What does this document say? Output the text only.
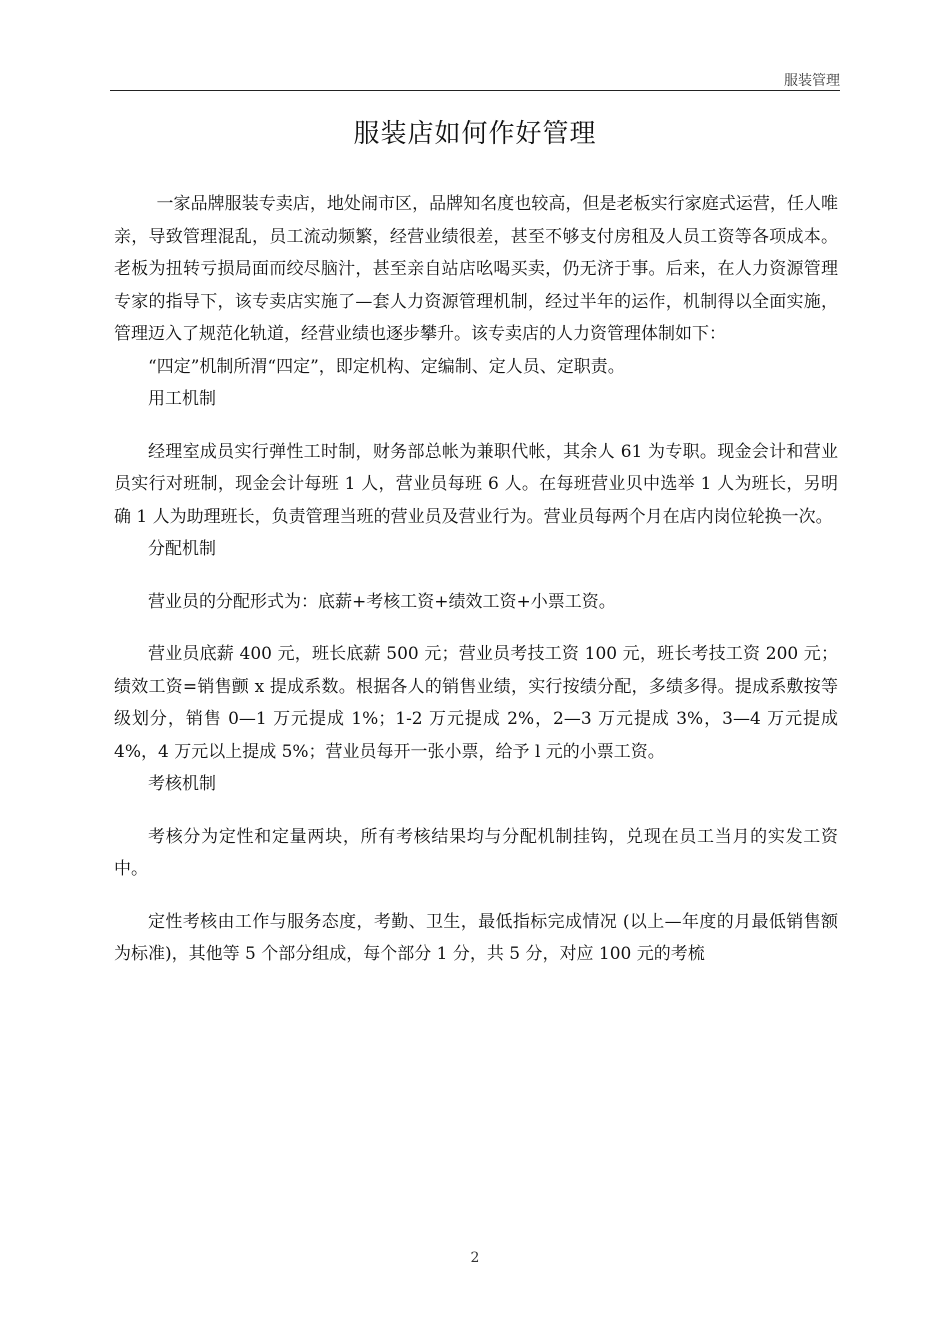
服装管理
服装店如何作好管理

一家品牌服装专卖店，地处闹市区，品牌知名度也较高，但是老板实行家庭式运营，任人唯亲，导致管理混乱，员工流动频繁，经营业绩很差，甚至不够支付房租及人员工资等各项成本。老板为扭转亏损局面而绞尽脑汁，甚至亲自站店吆喝买卖，仍无济于事。后来，在人力资源管理专家的指导下，该专卖店实施了—套人力资源管理机制，经过半年的运作，机制得以全面实施，管理迈入了规范化轨道，经营业绩也逐步攀升。该专卖店的人力资管理体制如下：

“四定”机制所渭“四定”，即定机构、定编制、定人员、定职责。

用工机制

经理室成员实行弹性工时制，财务部总帐为兼职代帐，其余人 61 为专职。现金会计和营业员实行对班制，现金会计每班 1 人，营业员每班 6 人。在每班营业贝中选举 1 人为班长，另明确 1 人为助理班长，负责管理当班的营业员及营业行为。营业员每两个月在店内岗位轮换一次。

分配机制

营业员的分配形式为：底薪+考核工资+绩效工资+小票工资。

营业员底薪 400 元，班长底薪 500 元；营业员考技工资 100 元，班长考技工资 200 元；绩效工资=销售颤 x 提成系数。根据各人的销售业绩，实行按绩分配，多绩多得。提成系敷按等级划分，销售 0—1 万元提成 1%；1-2 万元提成 2%，2—3 万元提成 3%，3—4 万元提成 4%，4 万元以上提成 5%；营业员每开一张小票，给予 l 元的小票工资。

考核机制

考核分为定性和定量两块，所有考核结果均与分配机制挂钩，兑现在员工当月的实发工资中。

定性考核由工作与服务态度，考勤、卫生，最低指标完成情况 (以上—年度的月最低销售额为标准)，其他等 5 个部分组成，每个部分 1 分，共 5 分，对应 100 元的考梳

2
